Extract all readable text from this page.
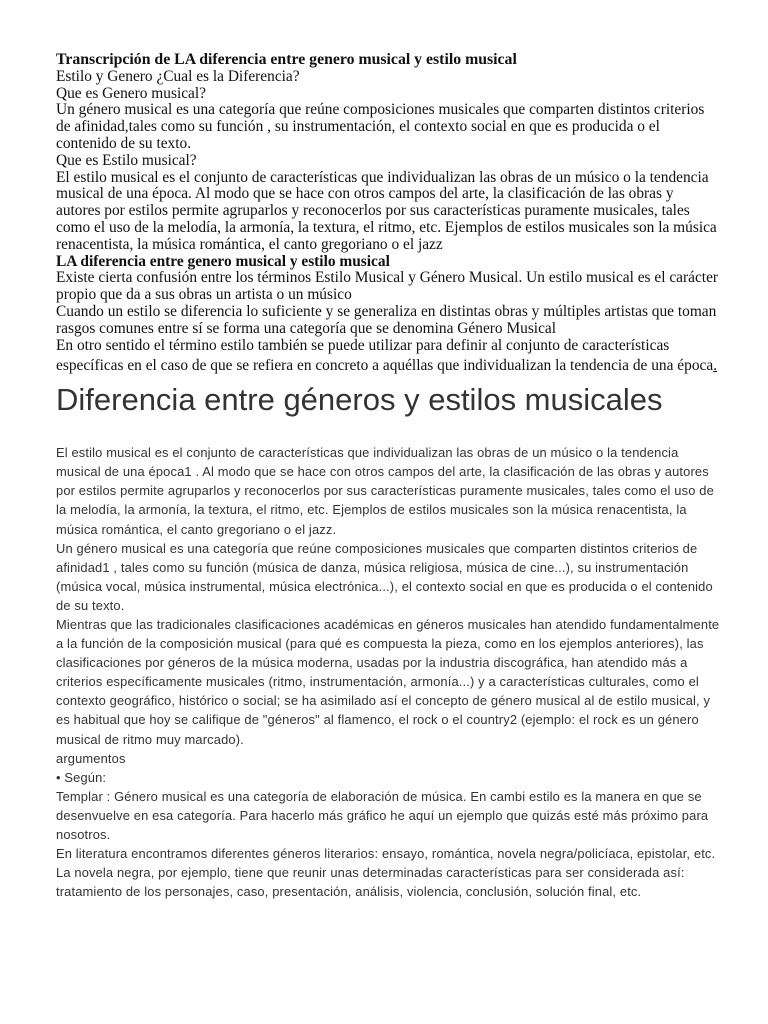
Transcripción de LA diferencia entre genero musical y estilo musical

Estilo y Genero ¿Cual es la Diferencia?

Que es Genero musical?

Un género musical es una categoría que reúne composiciones musicales que comparten distintos criterios de afinidad,tales como su función , su instrumentación, el contexto social en que es producida o el contenido de su texto.

Que es Estilo musical?

El estilo musical es el conjunto de características que individualizan las obras de un músico o la tendencia musical de una época. Al modo que se hace con otros campos del arte, la clasificación de las obras y autores por estilos permite agruparlos y reconocerlos por sus características puramente musicales, tales como el uso de la melodía, la armonía, la textura, el ritmo, etc. Ejemplos de estilos musicales son la música renacentista, la música romántica, el canto gregoriano o el jazz

LA diferencia entre genero musical y estilo musical

Existe cierta confusión entre los términos Estilo Musical y Género Musical. Un estilo musical es el carácter propio que da a sus obras un artista o un músico

Cuando un estilo se diferencia lo suficiente y se generaliza en distintas obras y múltiples artistas que toman rasgos comunes entre sí se forma una categoría que se denomina Género Musical

En otro sentido el término estilo también se puede utilizar para definir al conjunto de características

específicas en el caso de que se refiera en concreto a aquéllas que individualizan la tendencia de una época.

Diferencia entre géneros y estilos musicales

El estilo musical es el conjunto de características que individualizan las obras de un músico o la tendencia musical de una época1 . Al modo que se hace con otros campos del arte, la clasificación de las obras y autores por estilos permite agruparlos y reconocerlos por sus características puramente musicales, tales como el uso de la melodía, la armonía, la textura, el ritmo, etc. Ejemplos de estilos musicales son la música renacentista, la música romántica, el canto gregoriano o el jazz.

Un género musical es una categoría que reúne composiciones musicales que comparten distintos criterios de afinidad1 , tales como su función (música de danza, música religiosa, música de cine...), su instrumentación (música vocal, música instrumental, música electrónica...), el contexto social en que es producida o el contenido de su texto.

Mientras que las tradicionales clasificaciones académicas en géneros musicales han atendido fundamentalmente a la función de la composición musical (para qué es compuesta la pieza, como en los ejemplos anteriores), las clasificaciones por géneros de la música moderna, usadas por la industria discográfica, han atendido más a criterios específicamente musicales (ritmo, instrumentación, armonía...) y a características culturales, como el contexto geográfico, histórico o social; se ha asimilado así el concepto de género musical al de estilo musical, y es habitual que hoy se califique de "géneros" al flamenco, el rock o el country2 (ejemplo: el rock es un género musical de ritmo muy marcado).

argumentos

• Según:

Templar : Género musical es una categoría de elaboración de música. En cambi estilo es la manera en que se desenvuelve en esa categoría. Para hacerlo más gráfico he aquí un ejemplo que quizás esté más próximo para nosotros.

En literatura encontramos diferentes géneros literarios: ensayo, romántica, novela negra/policíaca, epistolar, etc. La novela negra, por ejemplo, tiene que reunir unas determinadas características para ser considerada así: tratamiento de los personajes, caso, presentación, análisis, violencia, conclusión, solución final, etc.
